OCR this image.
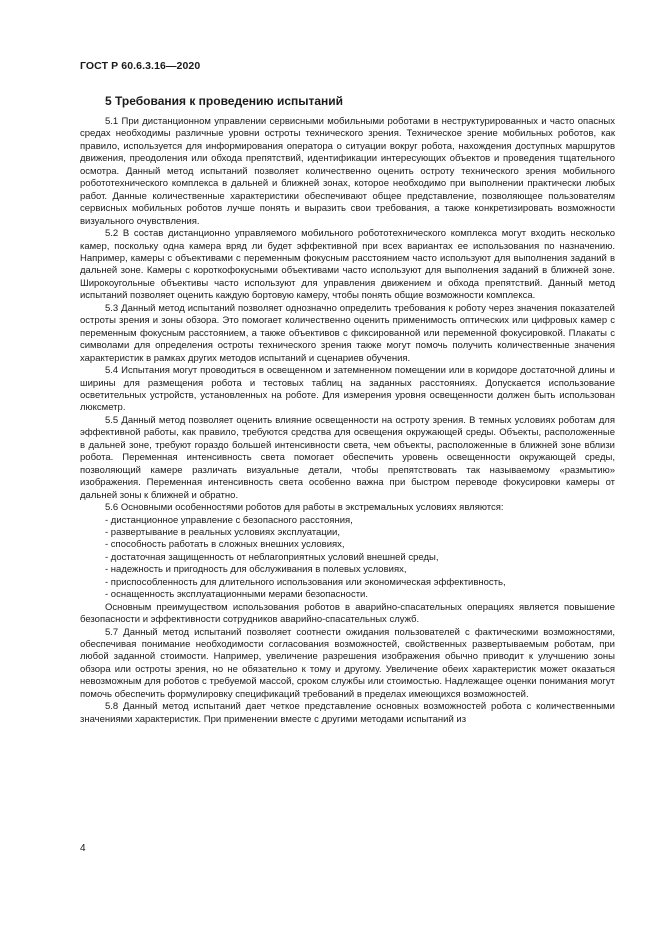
ГОСТ Р 60.6.3.16—2020
5 Требования к проведению испытаний

5.1 При дистанционном управлении сервисными мобильными роботами в неструктурированных и часто опасных средах необходимы различные уровни остроты технического зрения. Техническое зрение мобильных роботов, как правило, используется для информирования оператора о ситуации вокруг робота, нахождения доступных маршрутов движения, преодоления или обхода препятствий, идентификации интересующих объектов и проведения тщательного осмотра. Данный метод испытаний позволяет количественно оценить остроту технического зрения мобильного робототехнического комплекса в дальней и ближней зонах, которое необходимо при выполнении практически любых работ. Данные количественные характеристики обеспечивают общее представление, позволяющее пользователям сервисных мобильных роботов лучше понять и выразить свои требования, а также конкретизировать возможности визуального очувствления.

5.2 В состав дистанционно управляемого мобильного робототехнического комплекса могут входить несколько камер, поскольку одна камера вряд ли будет эффективной при всех вариантах ее использования по назначению. Например, камеры с объективами с переменным фокусным расстоянием часто используют для выполнения заданий в дальней зоне. Камеры с короткофокусными объективами часто используют для выполнения заданий в ближней зоне. Широкоугольные объективы часто используют для управления движением и обхода препятствий. Данный метод испытаний позволяет оценить каждую бортовую камеру, чтобы понять общие возможности комплекса.

5.3 Данный метод испытаний позволяет однозначно определить требования к роботу через значения показателей остроты зрения и зоны обзора. Это помогает количественно оценить применимость оптических или цифровых камер с переменным фокусным расстоянием, а также объективов с фиксированной или переменной фокусировкой. Плакаты с символами для определения остроты технического зрения также могут помочь получить количественные значения характеристик в рамках других методов испытаний и сценариев обучения.

5.4 Испытания могут проводиться в освещенном и затемненном помещении или в коридоре достаточной длины и ширины для размещения робота и тестовых таблиц на заданных расстояниях. Допускается использование осветительных устройств, установленных на роботе. Для измерения уровня освещенности должен быть использован люксметр.

5.5 Данный метод позволяет оценить влияние освещенности на остроту зрения. В темных условиях роботам для эффективной работы, как правило, требуются средства для освещения окружающей среды. Объекты, расположенные в дальней зоне, требуют гораздо большей интенсивности света, чем объекты, расположенные в ближней зоне вблизи робота. Переменная интенсивность света помогает обеспечить уровень освещенности окружающей среды, позволяющий камере различать визуальные детали, чтобы препятствовать так называемому «размытию» изображения. Переменная интенсивность света особенно важна при быстром переводе фокусировки камеры от дальней зоны к ближней и обратно.

5.6 Основными особенностями роботов для работы в экстремальных условиях являются:

- дистанционное управление с безопасного расстояния,
- развертывание в реальных условиях эксплуатации,
- способность работать в сложных внешних условиях,
- достаточная защищенность от неблагоприятных условий внешней среды,
- надежность и пригодность для обслуживания в полевых условиях,
- приспособленность для длительного использования или экономическая эффективность,
- оснащенность эксплуатационными мерами безопасности.

Основным преимуществом использования роботов в аварийно-спасательных операциях является повышение безопасности и эффективности сотрудников аварийно-спасательных служб.

5.7 Данный метод испытаний позволяет соотнести ожидания пользователей с фактическими возможностями, обеспечивая понимание необходимости согласования возможностей, свойственных развертываемым роботам, при любой заданной стоимости. Например, увеличение разрешения изображения обычно приводит к улучшению зоны обзора или остроты зрения, но не обязательно к тому и другому. Увеличение обеих характеристик может оказаться невозможным для роботов с требуемой массой, сроком службы или стоимостью. Надлежащее оценки понимания могут помочь обеспечить формулировку спецификаций требований в пределах имеющихся возможностей.

5.8 Данный метод испытаний дает четкое представление основных возможностей робота с количественными значениями характеристик. При применении вместе с другими методами испытаний из

4
